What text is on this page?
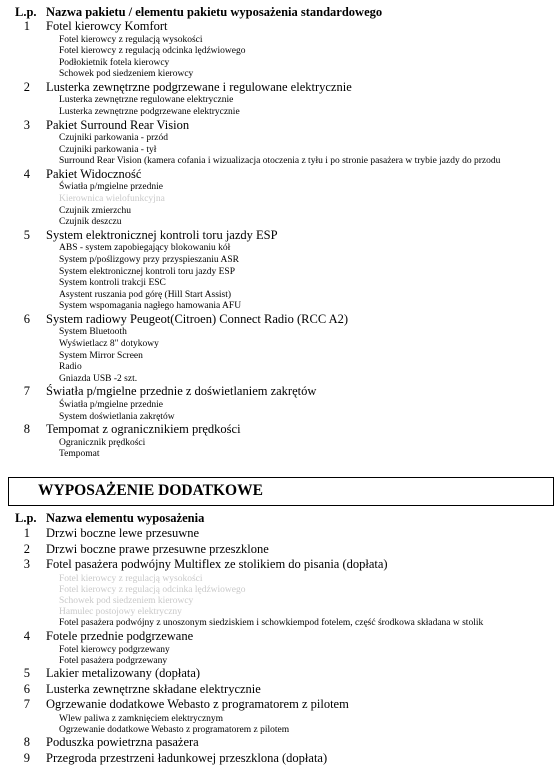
L.p. Nazwa pakietu / elementu pakietu wyposażenia standardowego
1 Fotel kierowcy Komfort
Fotel kierowcy z regulacją wysokości
Fotel kierowcy z regulacją odcinka lędźwiowego
Podłokietnik fotela kierowcy
Schowek pod siedzeniem kierowcy
2 Lusterka zewnętrzne podgrzewane i regulowane elektrycznie
Lusterka zewnętrzne regulowane elektrycznie
Lusterka zewnętrzne podgrzewane elektrycznie
3 Pakiet Surround Rear Vision
Czujniki parkowania - przód
Czujniki parkowania - tył
Surround Rear Vision (kamera cofania i wizualizacja otoczenia z tyłu i po stronie pasażera w trybie jazdy do przodu
4 Pakiet Widoczność
Światła p/mgielne przednie
Kierownica wielofunkcyjna
Czujnik zmierzchu
Czujnik deszczu
5 System elektronicznej kontroli toru jazdy ESP
ABS - system zapobiegający blokowaniu kół
System p/poślizgowy przy przyspieszaniu ASR
System elektronicznej kontroli toru jazdy ESP
System kontroli trakcji ESC
Asystent ruszania pod górę (Hill Start Assist)
System wspomagania nagłego hamowania AFU
6 System radiowy Peugeot(Citroen) Connect Radio (RCC A2)
System Bluetooth
Wyświetlacz 8" dotykowy
System Mirror Screen
Radio
Gniazda USB -2 szt.
7 Światła p/mgielne przednie z doświetlaniem zakrętów
Światła p/mgielne przednie
System doświetlania zakrętów
8 Tempomat z ogranicznikiem prędkości
Ogranicznik prędkości
Tempomat
WYPOSAŻENIE DODATKOWE
L.p. Nazwa elementu wyposażenia
1 Drzwi boczne lewe przesuwne
2 Drzwi boczne prawe przesuwne przeszklone
3 Fotel pasażera podwójny Multiflex ze stolikiem do pisania (dopłata)
Fotel kierowcy z regulacją wysokości
Fotel kierowcy z regulacją odcinka lędźwiowego
Schowek pod siedzeniem kierowcy
Hamulec postojowy elektryczny
Fotel pasażera podwójny z unoszonym siedziskiem i schowkiempod fotelem, część środkowa składana w stolik
4 Fotele przednie podgrzewane
Fotel kierowcy podgrzewany
Fotel pasażera podgrzewany
5 Lakier metalizowany (dopłata)
6 Lusterka zewnętrzne składane elektrycznie
7 Ogrzewanie dodatkowe Webasto z programatorem z pilotem
Wlew paliwa z zamknięciem elektrycznym
Ogrzewanie dodatkowe Webasto z programatorem z pilotem
8 Poduszka powietrzna pasażera
9 Przegroda przestrzeni ładunkowej przeszklona (dopłata)
